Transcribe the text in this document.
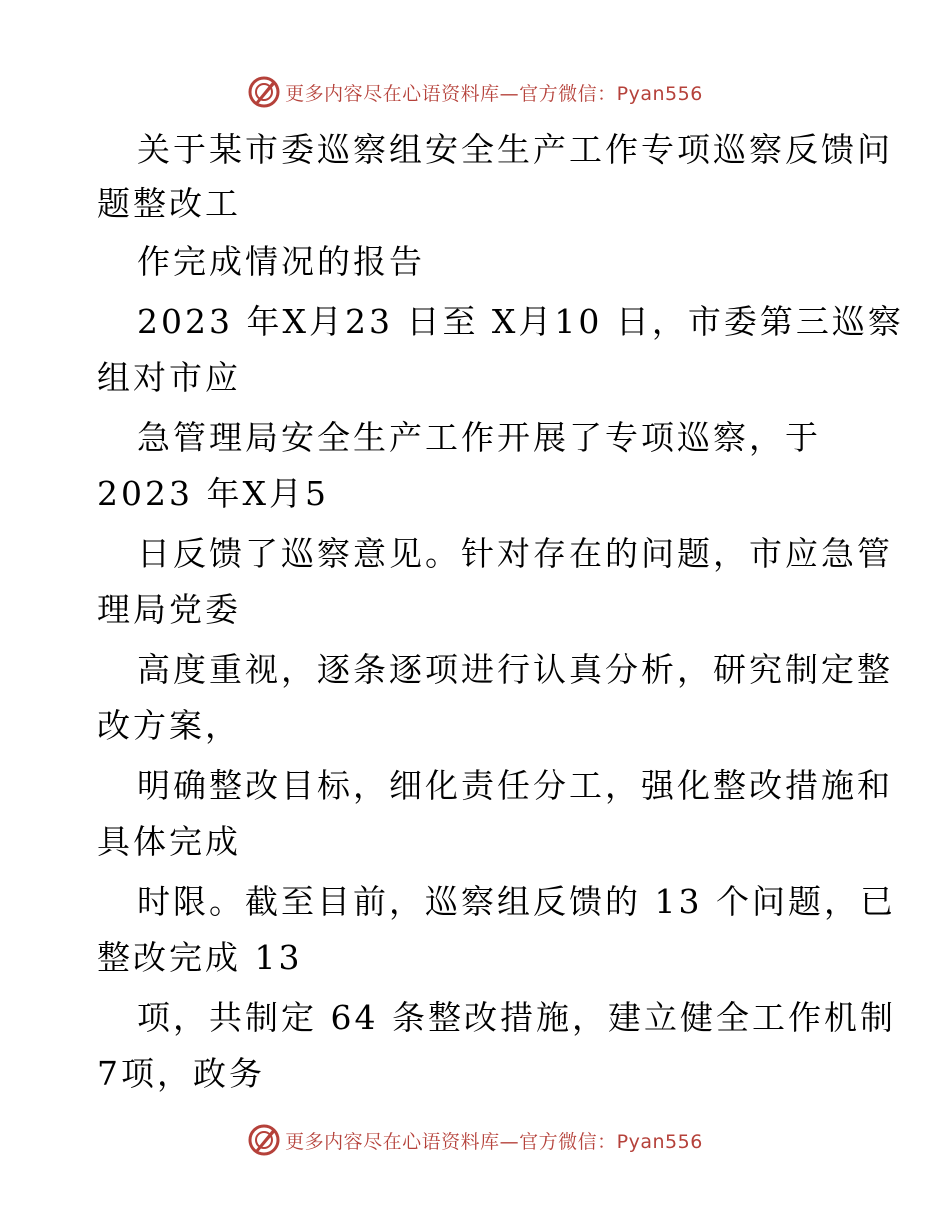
更多内容尽在心语资料库—官方微信：Pyan556
关于某市委巡察组安全生产工作专项巡察反馈问
题整改工
作完成情况的报告
2023 年X月23 日至 X月10 日，市委第三巡察
组对市应
急管理局安全生产工作开展了专项巡察，于
2023 年X月5
日反馈了巡察意见。针对存在的问题，市应急管
理局党委
高度重视，逐条逐项进行认真分析，研究制定整
改方案，
明确整改目标，细化责任分工，强化整改措施和
具体完成
时限。截至目前，巡察组反馈的 13 个问题，已
整改完成 13
项，共制定 64 条整改措施，建立健全工作机制
7项，政务
更多内容尽在心语资料库—官方微信：Pyan556
